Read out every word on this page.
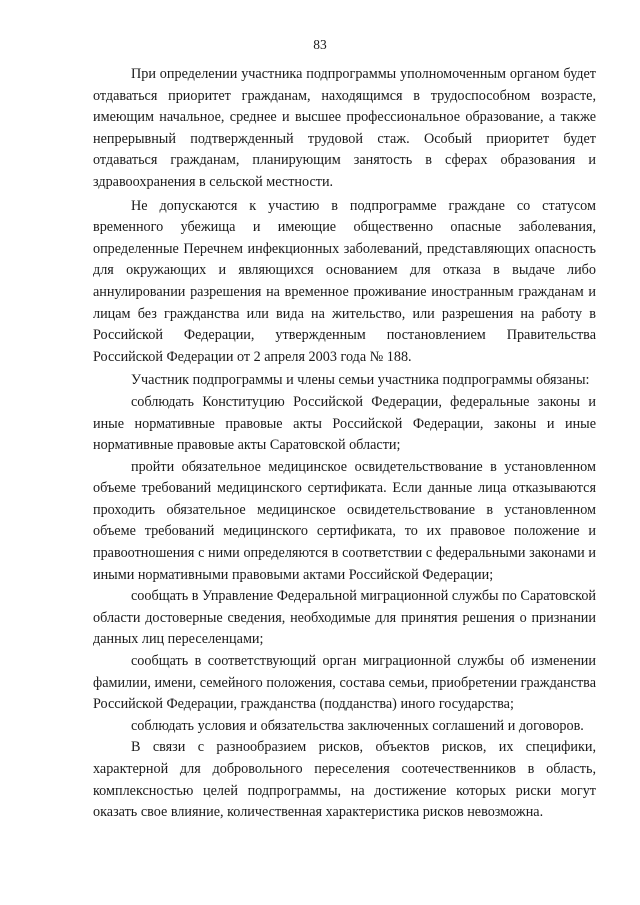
83

При определении участника подпрограммы уполномоченным органом будет отдаваться приоритет гражданам, находящимся в трудоспособном возрасте, имеющим начальное, среднее и высшее профессиональное образование, а также непрерывный подтвержденный трудовой стаж. Особый приоритет будет отдаваться гражданам, планирующим занятость в сферах образования и здравоохранения в сельской местности.

Не допускаются к участию в подпрограмме граждане со статусом временного убежища и имеющие общественно опасные заболевания, определенные Перечнем инфекционных заболеваний, представляющих опасность для окружающих и являющихся основанием для отказа в выдаче либо аннулировании разрешения на временное проживание иностранным гражданам и лицам без гражданства или вида на жительство, или разрешения на работу в Российской Федерации, утвержденным постановлением Правительства Российской Федерации от 2 апреля 2003 года № 188.

Участник подпрограммы и члены семьи участника подпрограммы обязаны:

соблюдать Конституцию Российской Федерации, федеральные законы и иные нормативные правовые акты Российской Федерации, законы и иные нормативные правовые акты Саратовской области;

пройти обязательное медицинское освидетельствование в установленном объеме требований медицинского сертификата. Если данные лица отказываются проходить обязательное медицинское освидетельствование в установленном объеме требований медицинского сертификата, то их правовое положение и правоотношения с ними определяются в соответствии с федеральными законами и иными нормативными правовыми актами Российской Федерации;

сообщать в Управление Федеральной миграционной службы по Саратовской области достоверные сведения, необходимые для принятия решения о признании данных лиц переселенцами;

сообщать в соответствующий орган миграционной службы об изменении фамилии, имени, семейного положения, состава семьи, приобретении гражданства Российской Федерации, гражданства (подданства) иного государства;

соблюдать условия и обязательства заключенных соглашений и договоров.

В связи с разнообразием рисков, объектов рисков, их специфики, характерной для добровольного переселения соотечественников в область, комплексностью целей подпрограммы, на достижение которых риски могут оказать свое влияние, количественная характеристика рисков невозможна.
